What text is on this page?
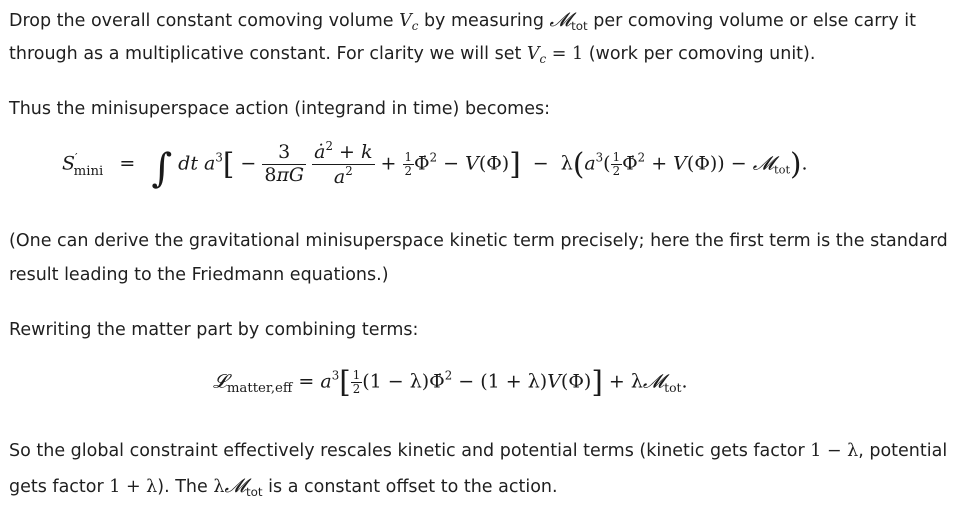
Drop the overall constant comoving volume $V_c$ by measuring 𝓜$_{tot}$ per comoving volume or else carry it
through as a multiplicative constant. For clarity we will set $V_c = 1$ (work per comoving unit).
Thus the minisuperspace action (integrand in time) becomes:
$S'_{mini}$ = ∫ dt $a^3[ - \frac{3}{8\pi G}$
$\frac{ȧ^2 + k}{a^2} + \frac{1}{2}$ Φ̇$^2$ − $V(\Phi)] - \lambda(a^3( \frac{1}{2}$ Φ̇$^2$ + V(Φ)) − 𝓜$_{tot}$).
(One can derive the gravitational minisuperspace kinetic term precisely; here the first term is the standard
result leading to the Friedmann equations.)
Rewriting the matter part by combining terms:
𝓛$_{matter,eff}$ = $a^3[ \frac{1}{2} (1$ − λ)Φ̇$^2$ − (1 + λ)V(Φ)] + λ𝓜$_{tot}$.
So the global constraint effectively rescales kinetic and potential terms (kinetic gets factor 1 − λ, potential
gets factor 1 + λ). The λ𝓜$_{tot}$ is a constant offset to the action.
